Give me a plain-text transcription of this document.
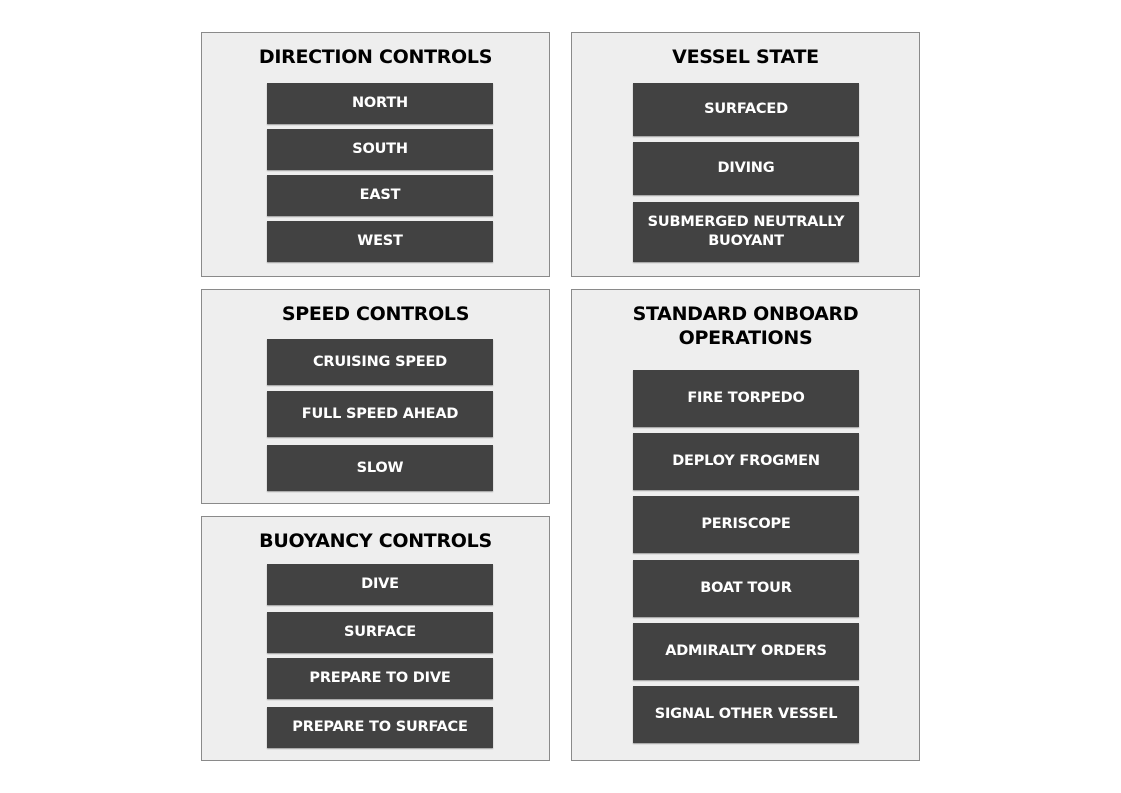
DIRECTION CONTROLS
NORTH
SOUTH
EAST
WEST
VESSEL STATE
SURFACED
DIVING
SUBMERGED NEUTRALLY BUOYANT
SPEED CONTROLS
CRUISING SPEED
FULL SPEED AHEAD
SLOW
STANDARD ONBOARD OPERATIONS
FIRE TORPEDO
DEPLOY FROGMEN
PERISCOPE
BOAT TOUR
ADMIRALTY ORDERS
SIGNAL OTHER VESSEL
BUOYANCY CONTROLS
DIVE
SURFACE
PREPARE TO DIVE
PREPARE TO SURFACE
